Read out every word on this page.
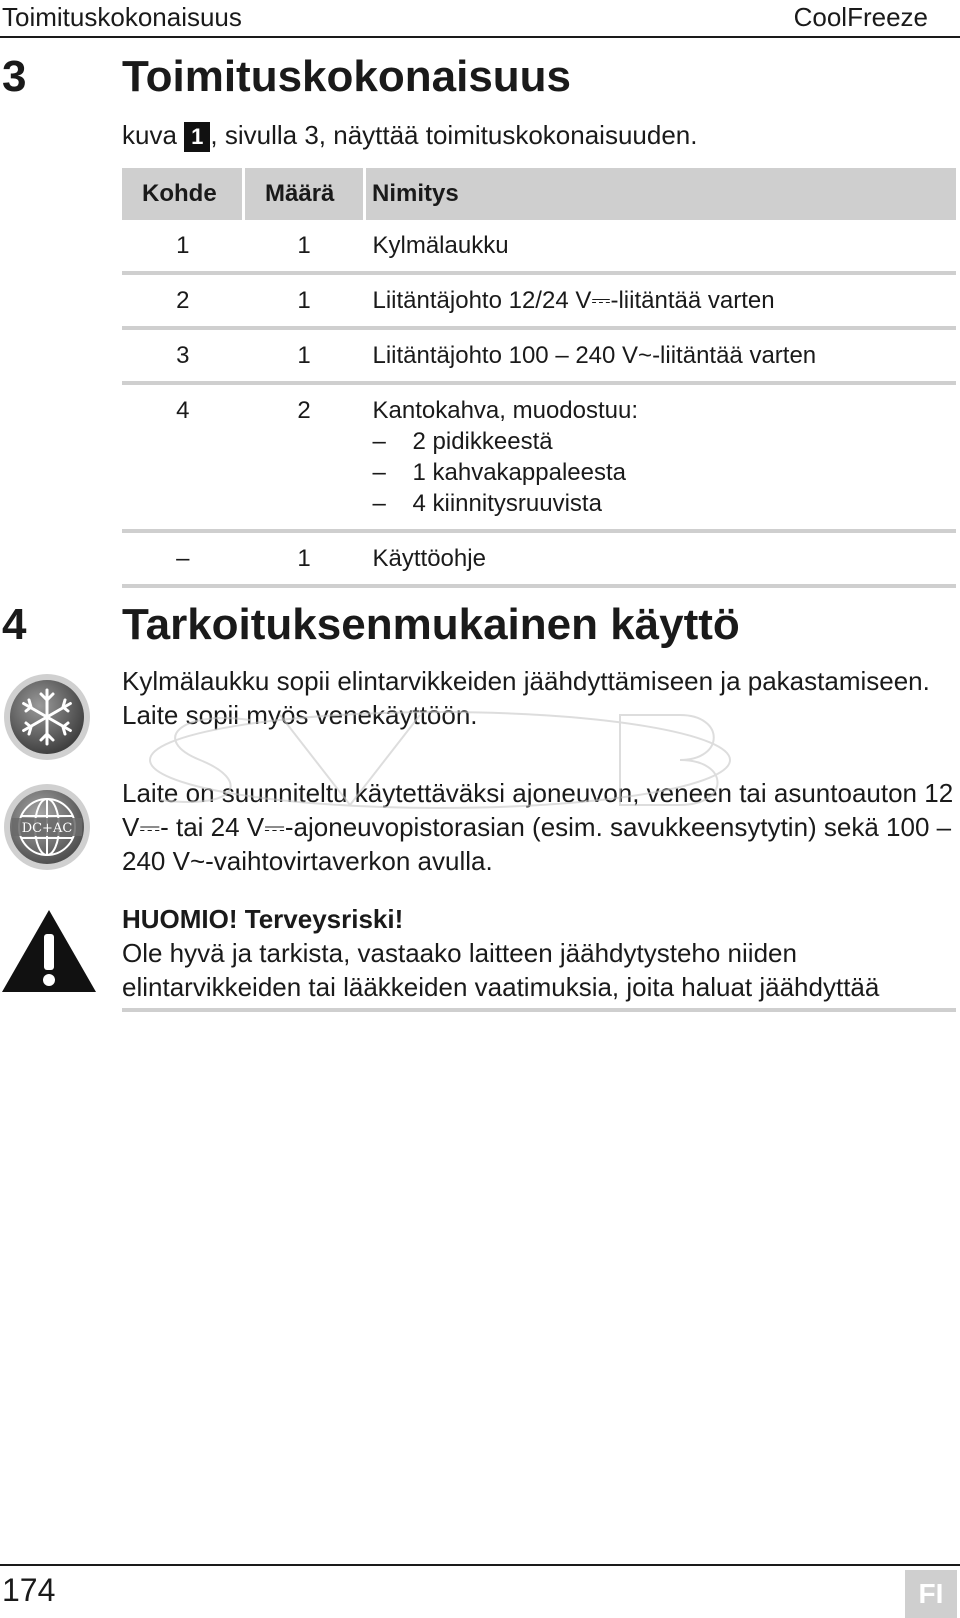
Toimituskokonaisuus	CoolFreeze
3 Toimituskokonaisuus
kuva 1 , sivulla 3, näyttää toimituskokonaisuuden.
Kohde	Määrä	Nimitys
1	1	Kylmälaukku
2	1	Liitäntäjohto 12/24 V⎓-liitäntää varten
3	1	Liitäntäjohto 100 – 240 V~-liitäntää varten
4	2	Kantokahva, muodostuu:
– 2 pidikkeestä
– 1 kahvakappaleesta
– 4 kiinnitysruuvista

–	1	Käyttöohje
4 Tarkoituksenmukainen käyttö
Kylmälaukku sopii elintarvikkeiden jäähdyttämiseen ja pakastamiseen. Laite sopii myös venekäyttöön.
DC+AC
Laite on suunniteltu käytettäväksi ajoneuvon, veneen tai asuntoauton 12 V⎓- tai 24 V⎓-ajoneuvopistorasian (esim. savukkeensytytin) sekä 100 – 240 V~-vaihtovirtaverkon avulla.
HUOMIO! Terveysriski!
Ole hyvä ja tarkista, vastaako laitteen jäähdytysteho niiden elintarvikkeiden tai lääkkeiden vaatimuksia, joita haluat jäähdyttää
174	FI
